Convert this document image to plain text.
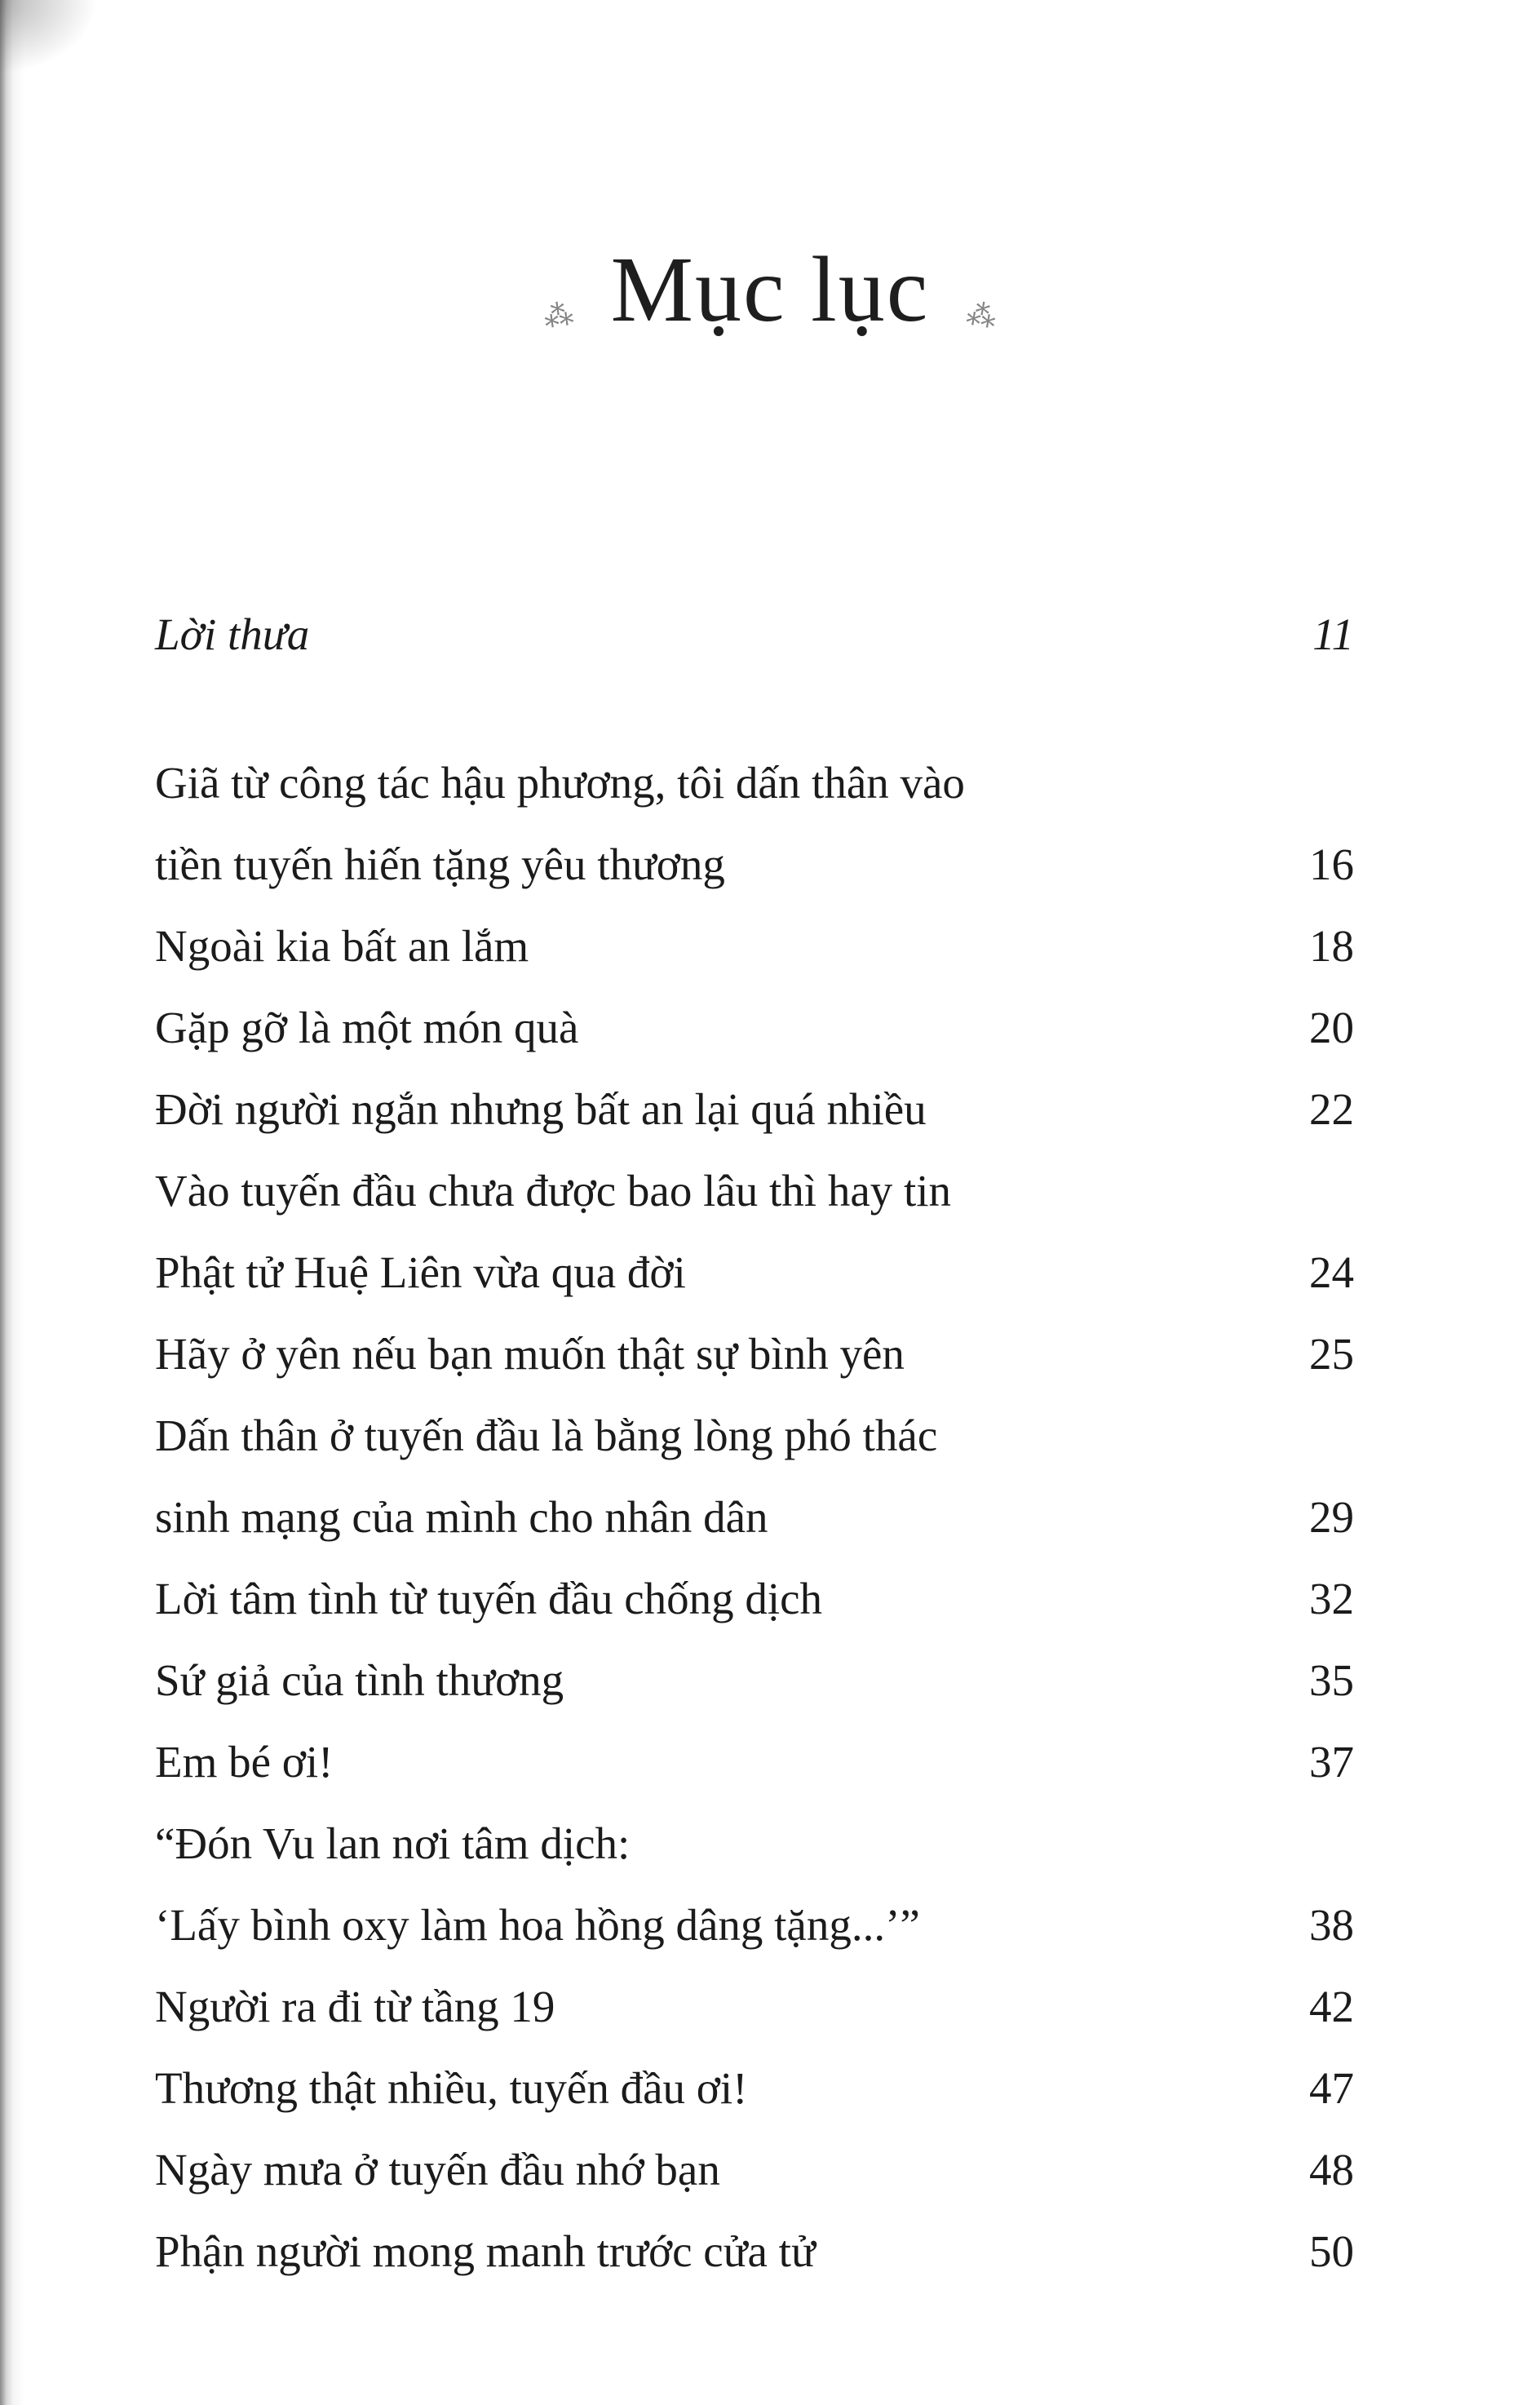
⁂ Mục lục ⁂
Lời thưa	11
Giã từ công tác hậu phương, tôi dấn thân vào
tiền tuyến hiến tặng yêu thương	16
Ngoài kia bất an lắm	18
Gặp gỡ là một món quà	20
Đời người ngắn nhưng bất an lại quá nhiều	22
Vào tuyến đầu chưa được bao lâu thì hay tin
Phật tử Huệ Liên vừa qua đời	24
Hãy ở yên nếu bạn muốn thật sự bình yên	25
Dấn thân ở tuyến đầu là bằng lòng phó thác
sinh mạng của mình cho nhân dân	29
Lời tâm tình từ tuyến đầu chống dịch	32
Sứ giả của tình thương	35
Em bé ơi!	37
“Đón Vu lan nơi tâm dịch:
‘Lấy bình oxy làm hoa hồng dâng tặng...’”	38
Người ra đi từ tầng 19	42
Thương thật nhiều, tuyến đầu ơi!	47
Ngày mưa ở tuyến đầu nhớ bạn	48
Phận người mong manh trước cửa tử	50
